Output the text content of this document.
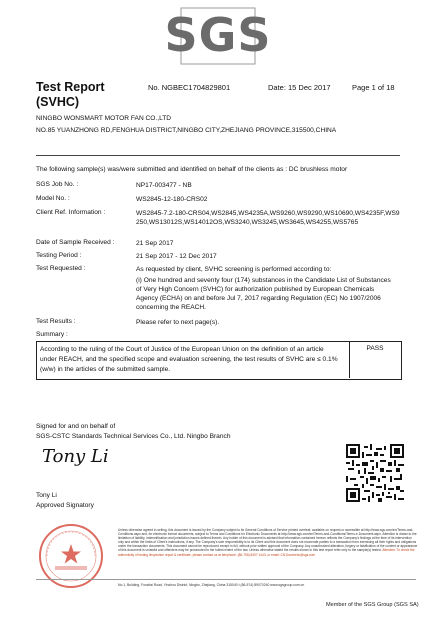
SGS
Test Report
(SVHC)
No. NGBEC1704829801	Date: 15 Dec 2017	Page 1 of 18
NINGBO WONSMART MOTOR FAN CO.,LTD
NO.85 YUANZHONG RD,FENGHUA DISTRICT,NINGBO CITY,ZHEJIANG PROVINCE,315500,CHINA
The following sample(s) was/were submitted and identified on behalf of the clients as : DC brushless motor
SGS Job No. :	NP17-003477 - NB
Model No. :	WS2845-12-180-CRS02
Client Ref. Information :	WS2845-7.2-180-CRS04,WS2845,WS4235A,WS9260,WS9290,WS10690,WS4235F,WS9250,WS13012S,WS14012OS,WS3240,WS3245,WS3645,WS4255,WS5765
Date of Sample Received :	21 Sep 2017
Testing Period :	21 Sep 2017 - 12 Dec 2017
Test Requested :	As requested by client, SVHC screening is performed according to:
(i) One hundred and seventy four (174) substances in the Candidate List of Substances of Very High Concern (SVHC) for authorization published by European Chemicals Agency (ECHA) on and before Jul 7, 2017 regarding Regulation (EC) No 1907/2006 concerning the REACH.
Test Results :	Please refer to next page(s).
Summary :
According to the ruling of the Court of Justice of the European Union on the definition of an article under REACH, and the specified scope and evaluation screening, the test results of SVHC are ≤ 0.1% (w/w) in the articles of the submitted sample.
PASS
Signed for and on behalf of
SGS-CSTC Standards Technical Services Co., Ltd. Ningbo Branch
Tony Li
Tony Li
Approved Signatory
Unless otherwise agreed in writing, this document is issued by the Company subject to its General Conditions of Service printed overleaf, available on request or accessible at http://www.sgs.com/en/Terms-and-Conditions.aspx and, for electronic format documents, subject to Terms and Conditions for Electronic Documents at http://www.sgs.com/en/Terms-and-Conditions/Terms-e-Document.aspx. Attention is drawn to the limitation of liability, indemnification and jurisdiction issues defined therein. Any holder of this document is advised that information contained hereon reflects the Company's findings at the time of its intervention only and within the limits of Client's instructions, if any. The Company's sole responsibility is to its Client and this document does not exonerate parties to a transaction from exercising all their rights and obligations under the transaction documents. This document cannot be reproduced except in full, without prior written approval of the Company. Any unauthorized alteration, forgery or falsification of the content or appearance of this document is unlawful and offenders may be prosecuted to the fullest extent of the law. Unless otherwise stated the results shown in this test report refer only to the sample(s) tested. Attention: To check the authenticity of testing /inspection report & certificate, please contact us at telephone: (86-755) 8307 1443, or email: CN.Doccheck@sgs.com
No.1, Building, Fonzitai Road, Yinzhou District, Ningbo, Zhejiang, China 315040 t (86-574) 89070240 www.sgsgroup.com.cn
Member of the SGS Group (SGS SA)
